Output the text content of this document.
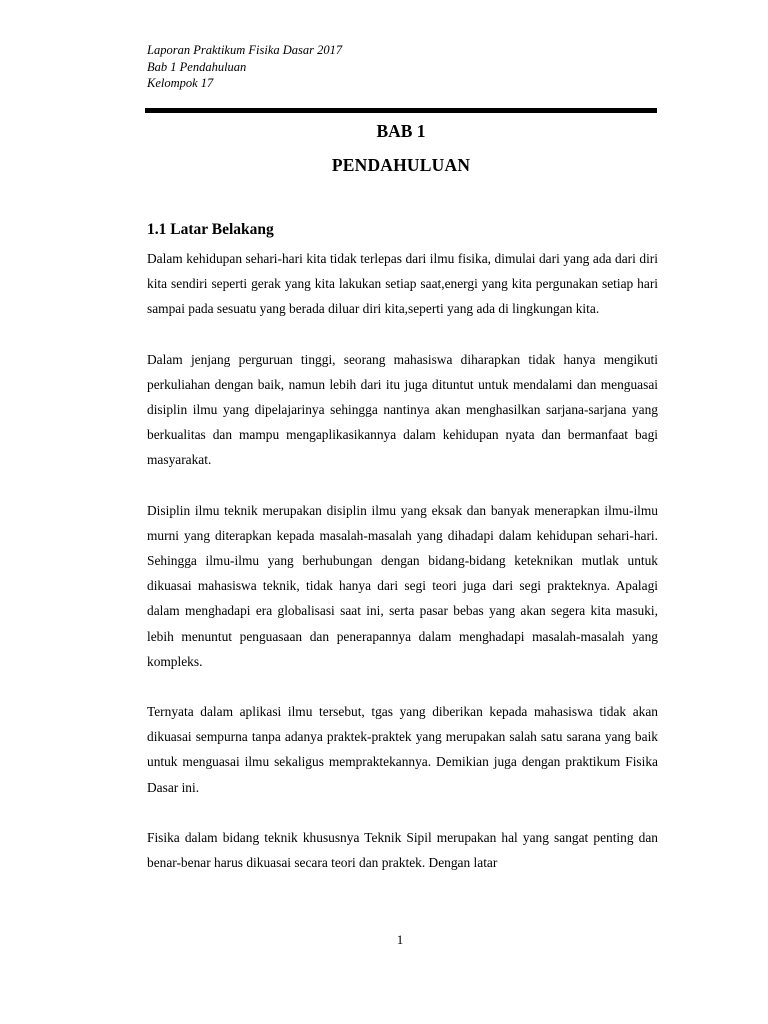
Laporan Praktikum Fisika Dasar 2017
Bab 1 Pendahuluan
Kelompok 17
BAB 1
PENDAHULUAN
1.1 Latar Belakang

Dalam kehidupan sehari-hari kita tidak terlepas dari ilmu fisika, dimulai dari yang ada dari diri kita sendiri seperti gerak yang kita lakukan setiap saat,energi yang kita pergunakan setiap hari sampai pada sesuatu yang berada diluar diri kita,seperti yang ada di lingkungan kita.

Dalam jenjang perguruan tinggi, seorang mahasiswa diharapkan tidak hanya mengikuti perkuliahan dengan baik, namun lebih dari itu juga dituntut untuk mendalami dan menguasai disiplin ilmu yang dipelajarinya sehingga nantinya akan menghasilkan sarjana-sarjana yang berkualitas dan mampu mengaplikasikannya dalam kehidupan nyata dan bermanfaat bagi masyarakat.

Disiplin ilmu teknik merupakan disiplin ilmu yang eksak dan banyak menerapkan ilmu-ilmu murni yang diterapkan kepada masalah-masalah yang dihadapi dalam kehidupan sehari-hari. Sehingga ilmu-ilmu yang berhubungan dengan bidang-bidang keteknikan mutlak untuk dikuasai mahasiswa teknik, tidak hanya dari segi teori juga dari segi prakteknya. Apalagi dalam menghadapi era globalisasi saat ini, serta pasar bebas yang akan segera kita masuki, lebih menuntut penguasaan dan penerapannya dalam menghadapi masalah-masalah yang kompleks.

Ternyata dalam aplikasi ilmu tersebut, tgas yang diberikan kepada mahasiswa tidak akan dikuasai sempurna tanpa adanya praktek-praktek yang merupakan salah satu sarana yang baik untuk menguasai ilmu sekaligus mempraktekannya. Demikian juga dengan praktikum Fisika Dasar ini.

Fisika dalam bidang teknik khususnya Teknik Sipil merupakan hal yang sangat penting dan benar-benar harus dikuasai secara teori dan praktek. Dengan latar

1
